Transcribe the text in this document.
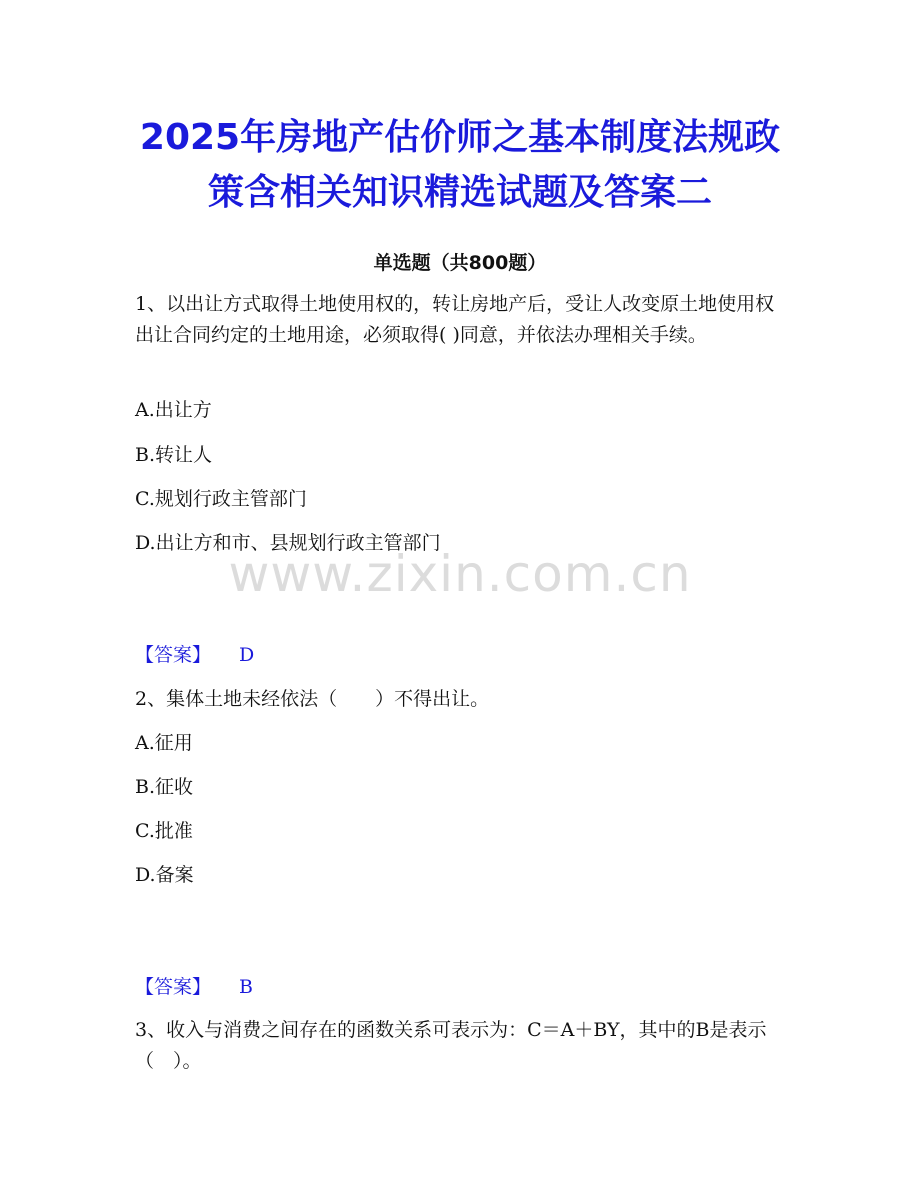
2025年房地产估价师之基本制度法规政
策含相关知识精选试题及答案二
单选题（共800题）
1、以出让方式取得土地使用权的，转让房地产后，受让人改变原土地使用权出让合同约定的土地用途，必须取得( )同意，并依法办理相关手续。
A.出让方
B.转让人
C.规划行政主管部门
D.出让方和市、县规划行政主管部门
www.zixin.com.cn
【答案】 D
2、集体土地未经依法（　　）不得出让。
A.征用
B.征收
C.批准
D.备案
【答案】 B
3、收入与消费之间存在的函数关系可表示为：C＝A＋BY，其中的B是表示（　）。
